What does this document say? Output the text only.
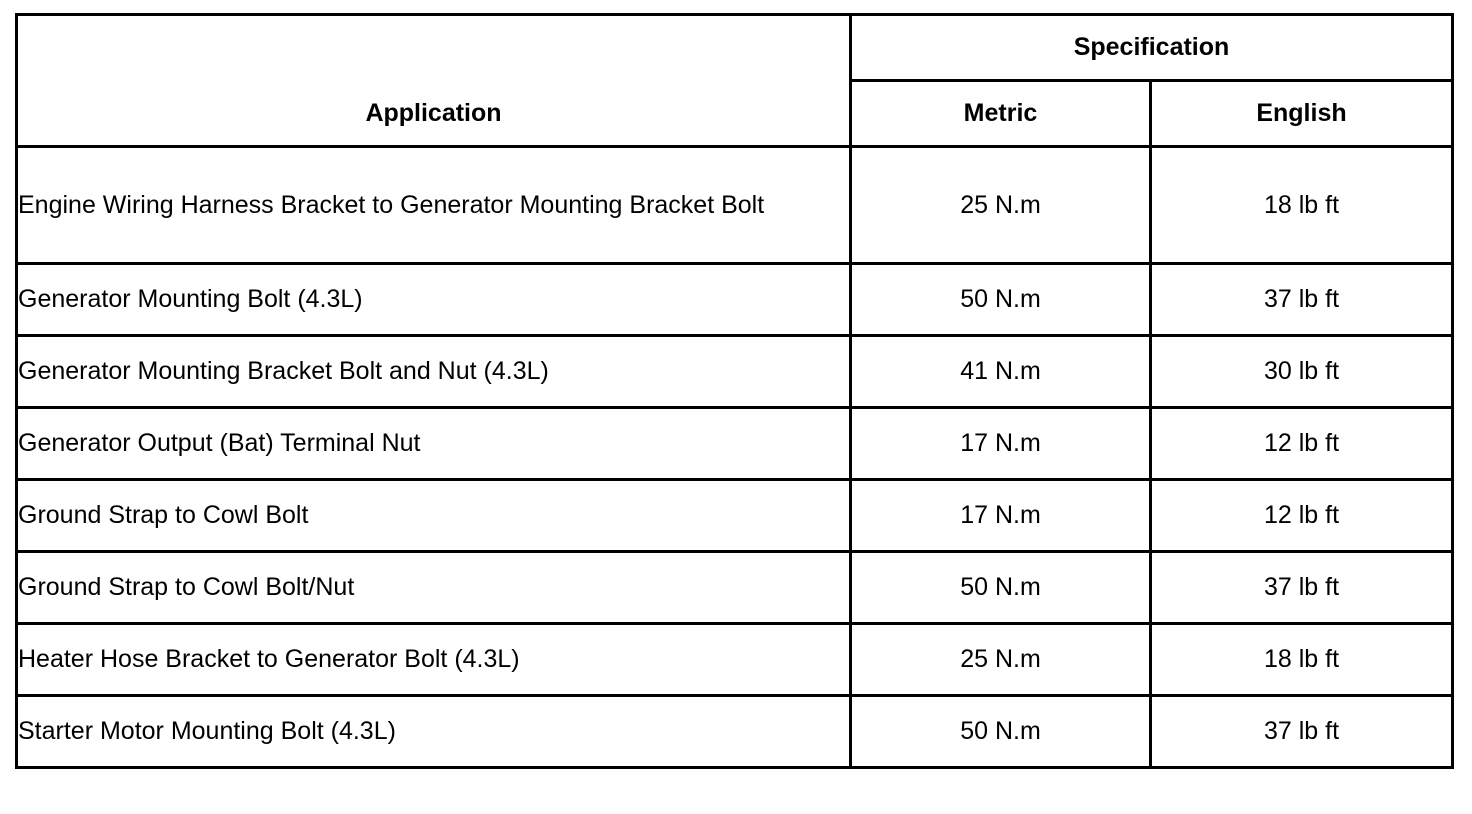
Application	Specification	
	Metric	English
Engine Wiring Harness Bracket to Generator Mounting Bracket Bolt	25 N.m	18 lb ft
Generator Mounting Bolt (4.3L)	50 N.m	37 lb ft
Generator Mounting Bracket Bolt and Nut (4.3L)	41 N.m	30 lb ft
Generator Output (Bat) Terminal Nut	17 N.m	12 lb ft
Ground Strap to Cowl Bolt	17 N.m	12 lb ft
Ground Strap to Cowl Bolt/Nut	50 N.m	37 lb ft
Heater Hose Bracket to Generator Bolt (4.3L)	25 N.m	18 lb ft
Starter Motor Mounting Bolt (4.3L)	50 N.m	37 lb ft
